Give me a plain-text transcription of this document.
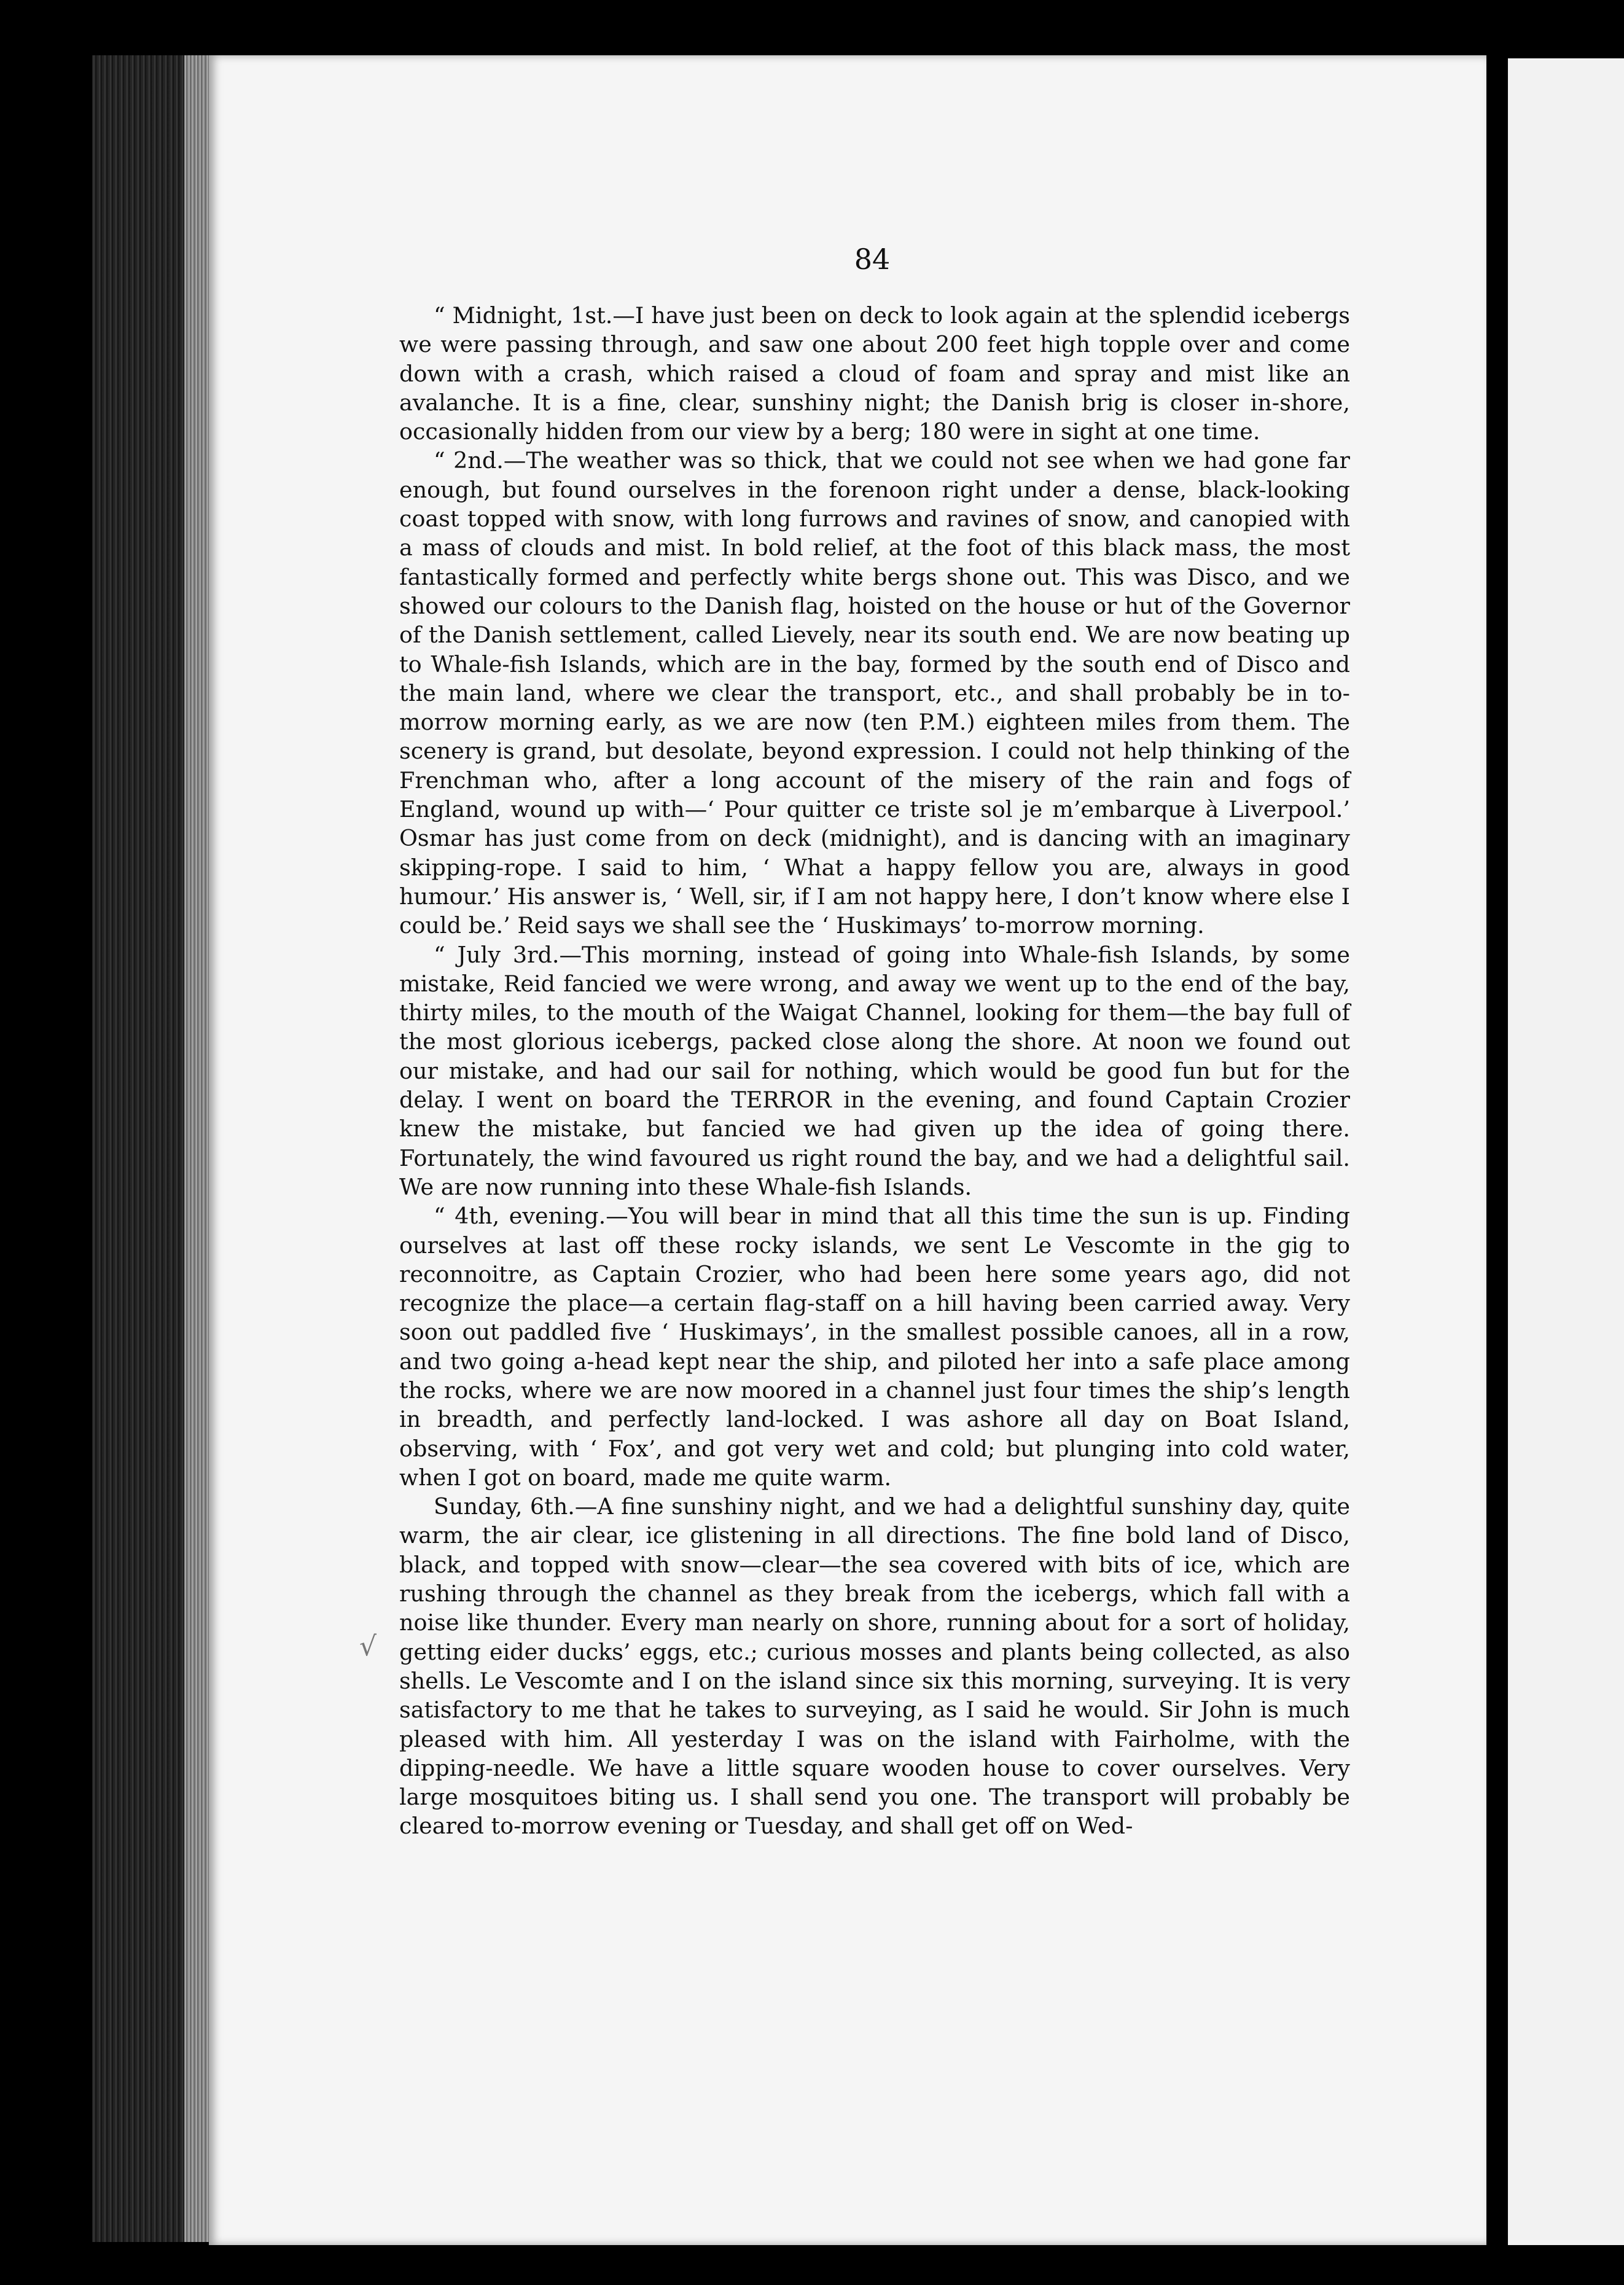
84

“ Midnight, 1st.—I have just been on deck to look again at the splendid icebergs we were passing through, and saw one about 200 feet high topple over and come down with a crash, which raised a cloud of foam and spray and mist like an avalanche. It is a fine, clear, sunshiny night; the Danish brig is closer in-shore, occasionally hidden from our view by a berg; 180 were in sight at one time.

“ 2nd.—The weather was so thick, that we could not see when we had gone far enough, but found ourselves in the forenoon right under a dense, black-looking coast topped with snow, with long furrows and ravines of snow, and canopied with a mass of clouds and mist. In bold relief, at the foot of this black mass, the most fantastically formed and perfectly white bergs shone out. This was Disco, and we showed our colours to the Danish flag, hoisted on the house or hut of the Governor of the Danish settlement, called Lievely, near its south end. We are now beating up to Whale-fish Islands, which are in the bay, formed by the south end of Disco and the main land, where we clear the transport, etc., and shall probably be in to-morrow morning early, as we are now (ten P.M.) eighteen miles from them. The scenery is grand, but desolate, beyond expression. I could not help thinking of the Frenchman who, after a long account of the misery of the rain and fogs of England, wound up with—‘ Pour quitter ce triste sol je m’embarque à Liverpool.’ Osmar has just come from on deck (midnight), and is dancing with an imaginary skipping-rope. I said to him, ‘ What a happy fellow you are, always in good humour.’ His answer is, ‘ Well, sir, if I am not happy here, I don’t know where else I could be.’ Reid says we shall see the ‘ Huskimays’ to-morrow morning.

“ July 3rd.—This morning, instead of going into Whale-fish Islands, by some mistake, Reid fancied we were wrong, and away we went up to the end of the bay, thirty miles, to the mouth of the Waigat Channel, looking for them—the bay full of the most glorious icebergs, packed close along the shore. At noon we found out our mistake, and had our sail for nothing, which would be good fun but for the delay. I went on board the TERROR in the evening, and found Captain Crozier knew the mistake, but fancied we had given up the idea of going there. Fortunately, the wind favoured us right round the bay, and we had a delightful sail. We are now running into these Whale-fish Islands.

“ 4th, evening.—You will bear in mind that all this time the sun is up. Finding ourselves at last off these rocky islands, we sent Le Vescomte in the gig to reconnoitre, as Captain Crozier, who had been here some years ago, did not recognize the place—a certain flag-staff on a hill having been carried away. Very soon out paddled five ‘ Huskimays’, in the smallest possible canoes, all in a row, and two going a-head kept near the ship, and piloted her into a safe place among the rocks, where we are now moored in a channel just four times the ship’s length in breadth, and perfectly land-locked. I was ashore all day on Boat Island, observing, with ‘ Fox’, and got very wet and cold; but plunging into cold water, when I got on board, made me quite warm.

Sunday, 6th.—A fine sunshiny night, and we had a delightful sunshiny day, quite warm, the air clear, ice glistening in all directions. The fine bold land of Disco, black, and topped with snow—clear—the sea covered with bits of ice, which are rushing through the channel as they break from the icebergs, which fall with a noise like thunder. Every man nearly on shore, running about for a sort of holiday, getting eider ducks’ eggs, etc.; curious mosses and plants being collected, as also shells. Le Vescomte and I on the island since six this morning, surveying. It is very satisfactory to me that he takes to surveying, as I said he would. Sir John is much pleased with him. All yesterday I was on the island with Fairholme, with the dipping-needle. We have a little square wooden house to cover ourselves. Very large mosquitoes biting us. I shall send you one. The transport will probably be cleared to-morrow evening or Tuesday, and shall get off on Wed-

√
